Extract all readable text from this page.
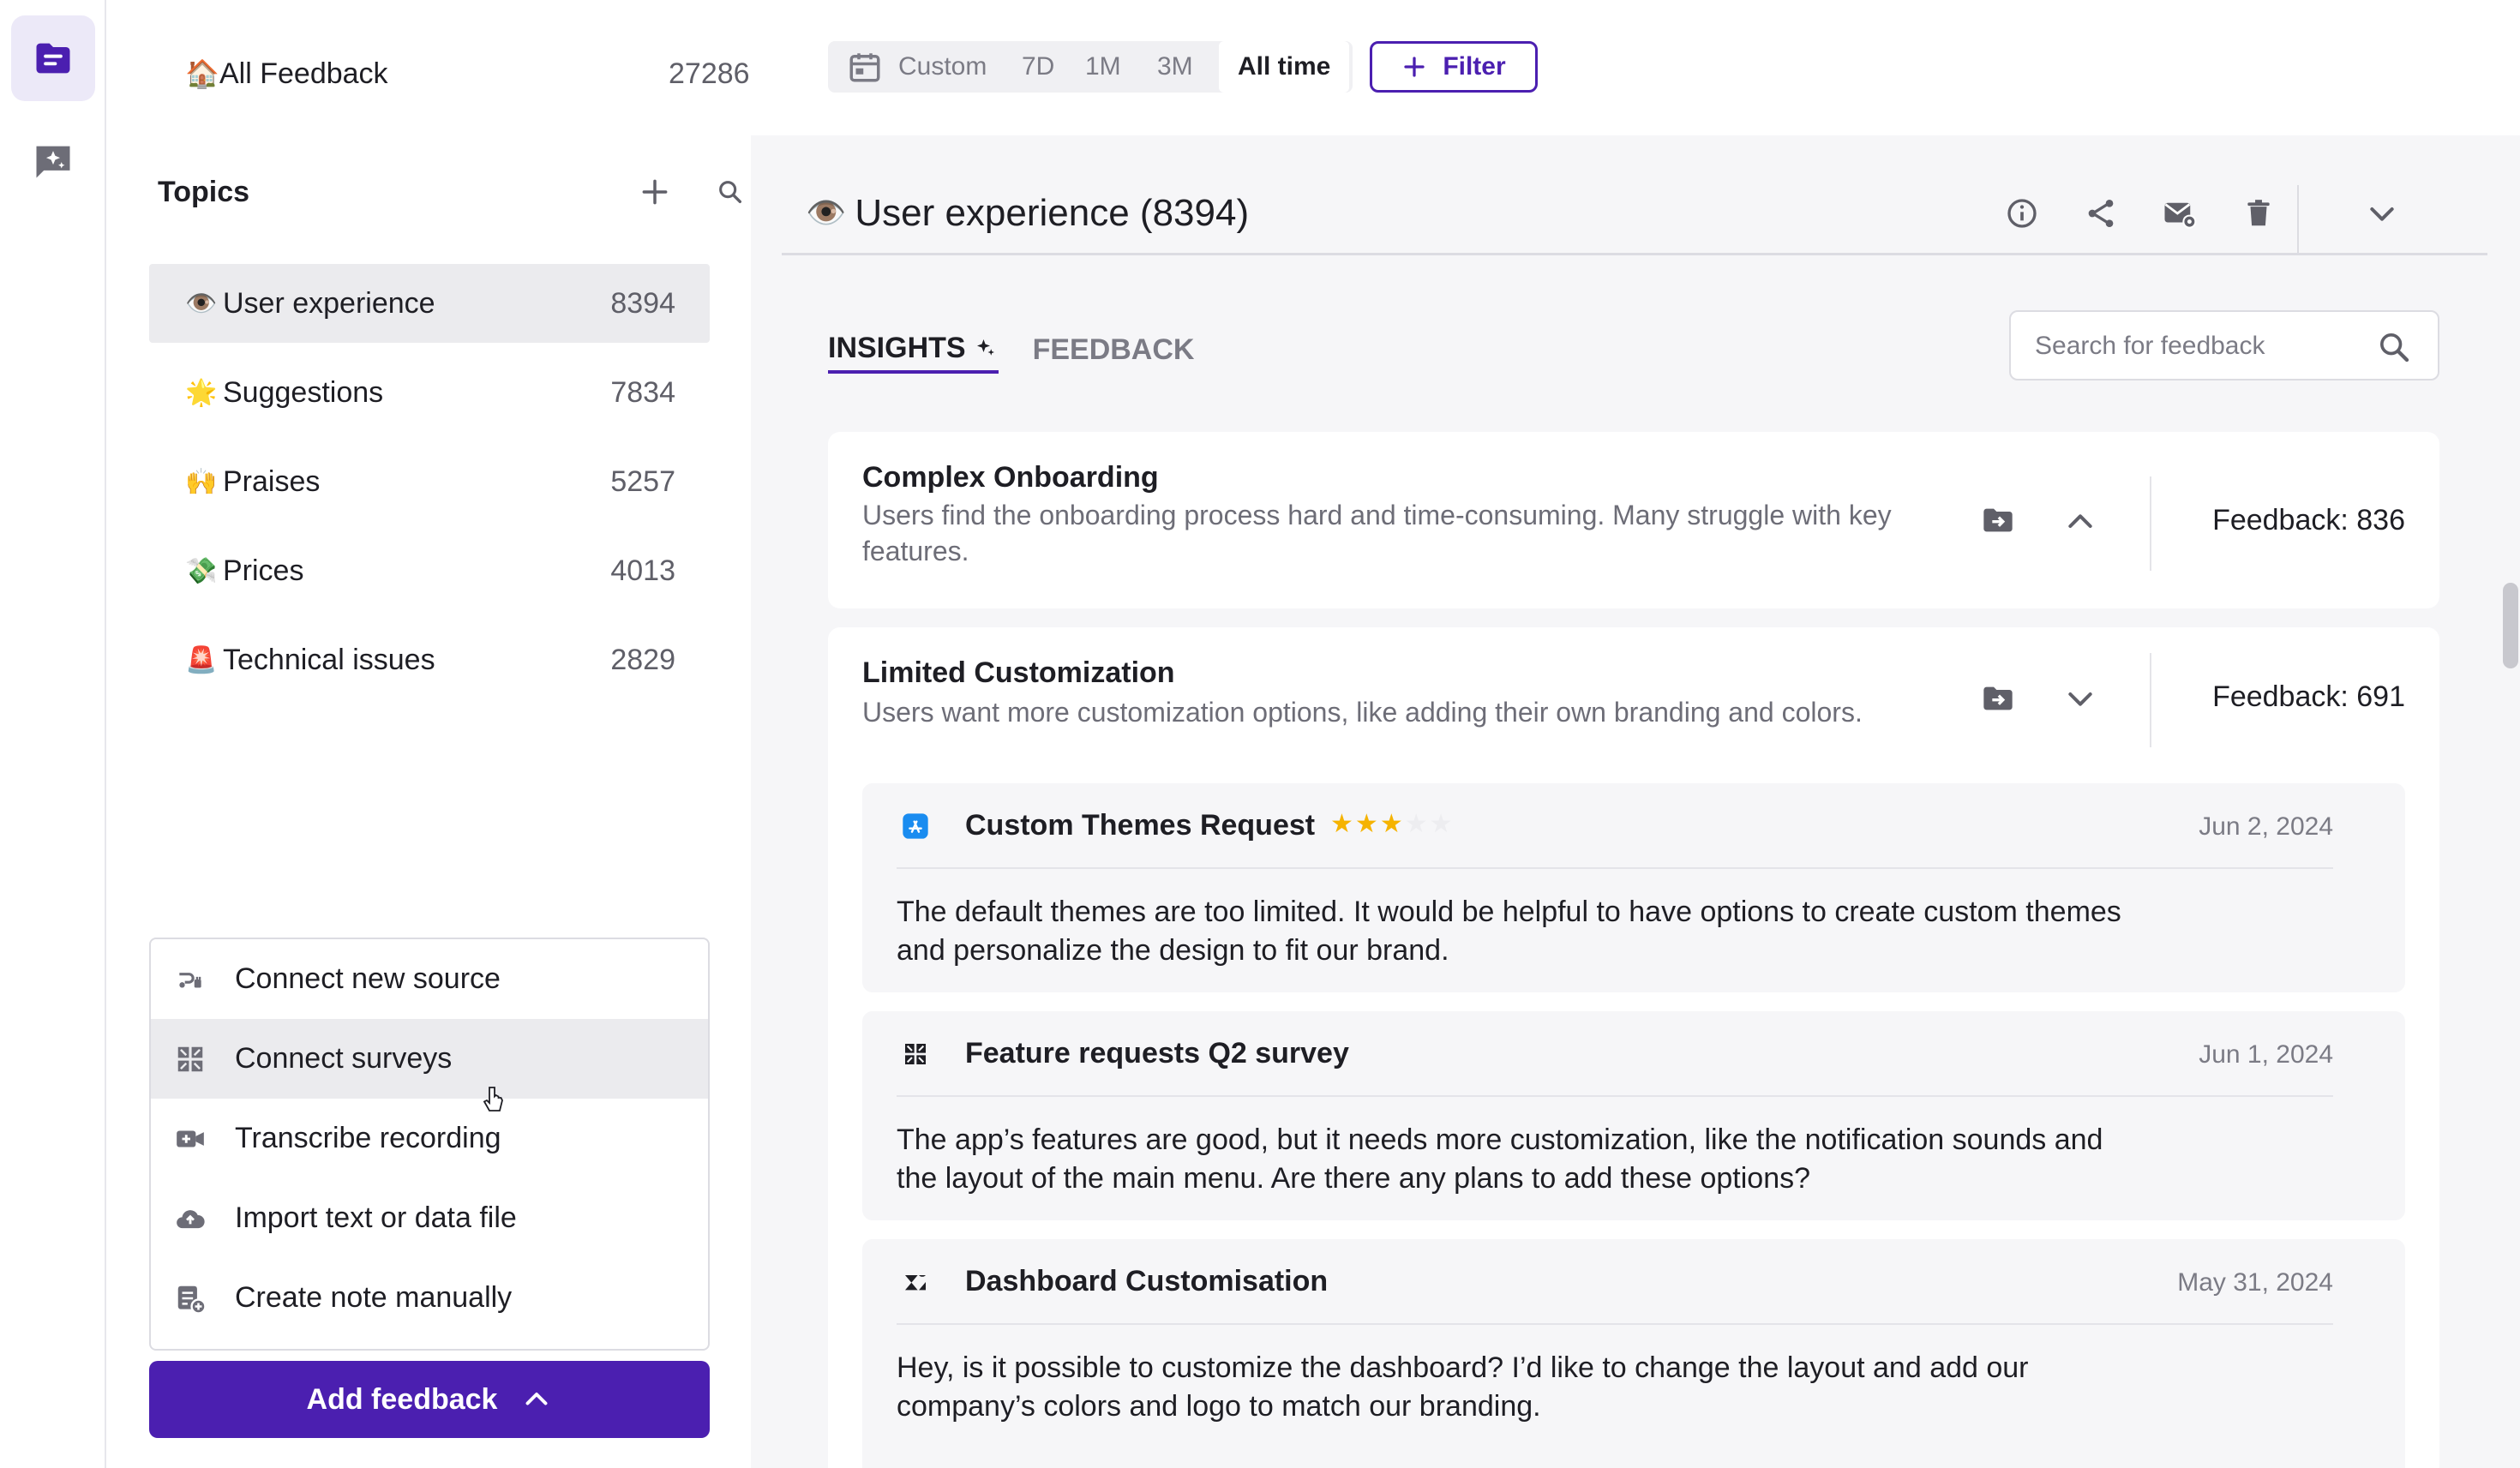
🏠 All Feedback	27286
Topics
👁️ User experience	8394
🌟 Suggestions	7834
🙌 Praises	5257
💸 Prices	4013
🚨 Technical issues	2829
Connect new source
Connect surveys
Transcribe recording
Import text or data file
Create note manually
Add feedback
Custom 7D 1M 3M	All time	Filter
👁️ User experience (8394)
INSIGHTS FEEDBACK
Search for feedback
Complex Onboarding
Users find the onboarding process hard and time-consuming. Many struggle with key features.
Feedback: 836
Limited Customization
Users want more customization options, like adding their own branding and colors.	Feedback: 691
Custom Themes Request ★★★★★	Jun 2, 2024
The default themes are too limited. It would be helpful to have options to create custom themes and personalize the design to fit our brand.
Feature requests Q2 survey	Jun 1, 2024
The app’s features are good, but it needs more customization, like the notification sounds and the layout of the main menu. Are there any plans to add these options?
Dashboard Customisation	May 31, 2024
Hey, is it possible to customize the dashboard? I’d like to change the layout and add our company’s colors and logo to match our branding.
